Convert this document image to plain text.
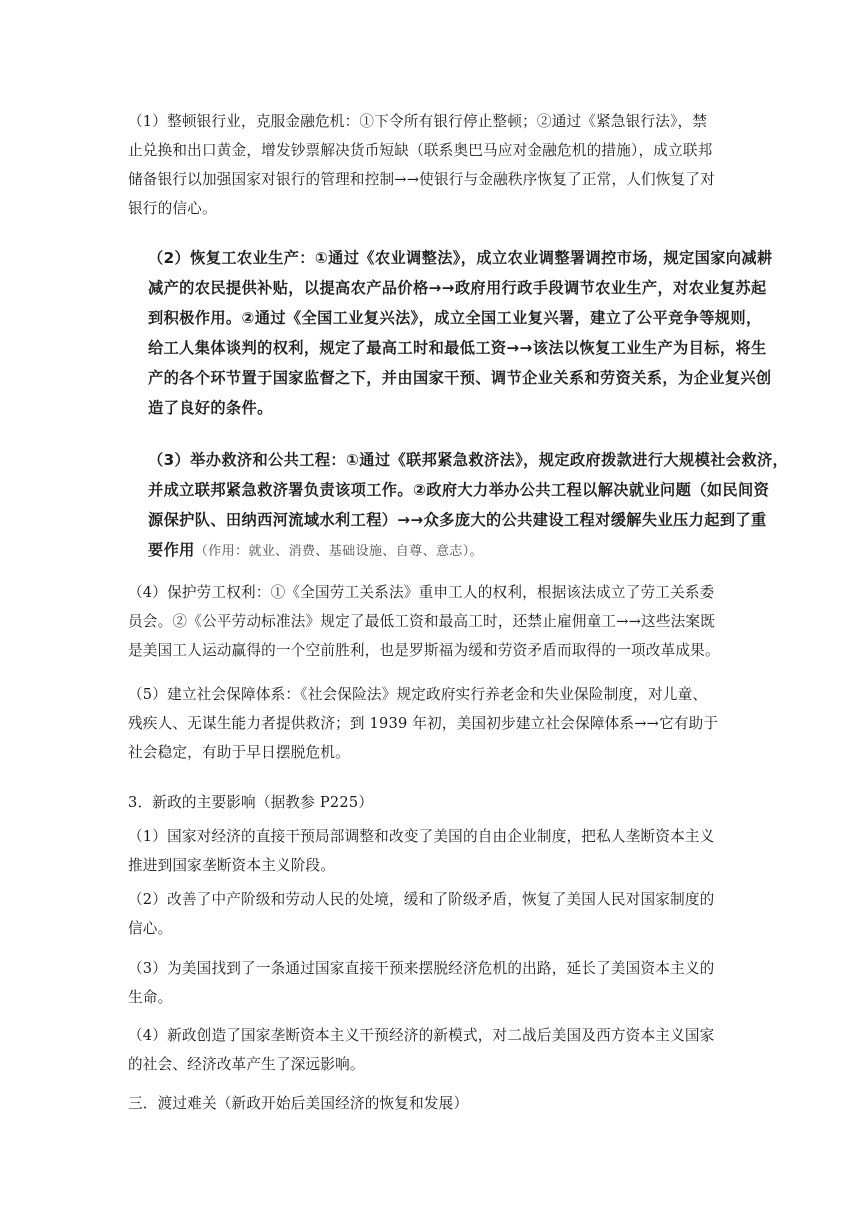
（1）整顿银行业，克服金融危机：①下令所有银行停止整顿；②通过《紧急银行法》，禁
止兑换和出口黄金，增发钞票解决货币短缺（联系奥巴马应对金融危机的措施），成立联邦
储备银行以加强国家对银行的管理和控制→→使银行与金融秩序恢复了正常，人们恢复了对
银行的信心。
（2）恢复工农业生产：①通过《农业调整法》，成立农业调整署调控市场，规定国家向减耕
减产的农民提供补贴，以提高农产品价格→→政府用行政手段调节农业生产，对农业复苏起
到积极作用。②通过《全国工业复兴法》，成立全国工业复兴署，建立了公平竞争等规则，
给工人集体谈判的权利，规定了最高工时和最低工资→→该法以恢复工业生产为目标，将生
产的各个环节置于国家监督之下，并由国家干预、调节企业关系和劳资关系，为企业复兴创
造了良好的条件。
（3）举办救济和公共工程：①通过《联邦紧急救济法》，规定政府拨款进行大规模社会救济，
并成立联邦紧急救济署负责该项工作。②政府大力举办公共工程以解决就业问题（如民间资
源保护队、田纳西河流域水利工程）→→众多庞大的公共建设工程对缓解失业压力起到了重
要作用（作用：就业、消费、基础设施、自尊、意志）。
（4）保护劳工权利：①《全国劳工关系法》重申工人的权利，根据该法成立了劳工关系委
员会。②《公平劳动标准法》规定了最低工资和最高工时，还禁止雇佣童工→→这些法案既
是美国工人运动赢得的一个空前胜利，也是罗斯福为缓和劳资矛盾而取得的一项改革成果。
（5）建立社会保障体系：《社会保险法》规定政府实行养老金和失业保险制度，对儿童、
残疾人、无谋生能力者提供救济；到 1939 年初，美国初步建立社会保障体系→→它有助于
社会稳定，有助于早日摆脱危机。
3．新政的主要影响（据教参 P225）
（1）国家对经济的直接干预局部调整和改变了美国的自由企业制度，把私人垄断资本主义
推进到国家垄断资本主义阶段。
（2）改善了中产阶级和劳动人民的处境，缓和了阶级矛盾，恢复了美国人民对国家制度的
信心。
（3）为美国找到了一条通过国家直接干预来摆脱经济危机的出路，延长了美国资本主义的
生命。
（4）新政创造了国家垄断资本主义干预经济的新模式，对二战后美国及西方资本主义国家
的社会、经济改革产生了深远影响。
三．渡过难关（新政开始后美国经济的恢复和发展）
